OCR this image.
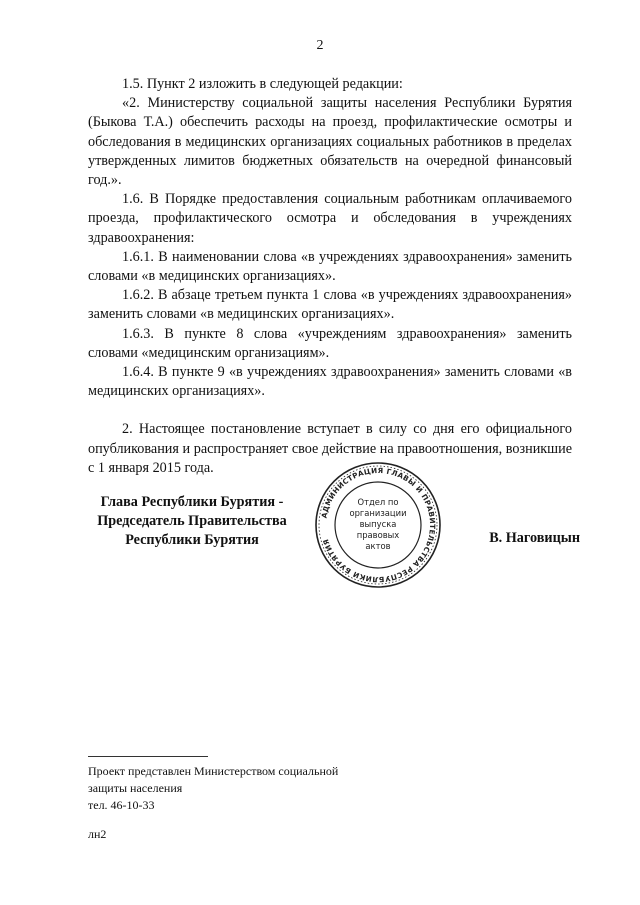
2

1.5. Пункт 2 изложить в следующей редакции:

«2. Министерству социальной защиты населения Республики Бурятия (Быкова Т.А.) обеспечить расходы на проезд, профилактические осмотры и обследования в медицинских организациях социальных работников в пределах утвержденных лимитов бюджетных обязательств на очередной финансовый год.».

1.6. В Порядке предоставления социальным работникам оплачиваемого проезда, профилактического осмотра и обследования в учреждениях здравоохранения:

1.6.1. В наименовании слова «в учреждениях здравоохранения» заменить словами «в медицинских организациях».

1.6.2. В абзаце третьем пункта 1 слова «в учреждениях здравоохранения» заменить словами «в медицинских организациях».

1.6.3. В пункте 8 слова «учреждениям здравоохранения» заменить словами «медицинским организациям».

1.6.4. В пункте 9 «в учреждениях здравоохранения» заменить словами «в медицинских организациях».

2. Настоящее постановление вступает в силу со дня его официального опубликования и распространяет свое действие на правоотношения, возникшие с 1 января 2015 года.

Глава Республики Бурятия -
Председатель Правительства
Республики Бурятия
АДМИНИСТРАЦИЯ ГЛАВЫ И ПРАВИТЕЛЬСТВА РЕСПУБЛИКИ БУРЯТИЯ
Отдел по
организации
выпуска
правовых
актов	В. Наговицын
Проект представлен Министерством социальной
защиты населения
тел. 46-10-33
лн2
